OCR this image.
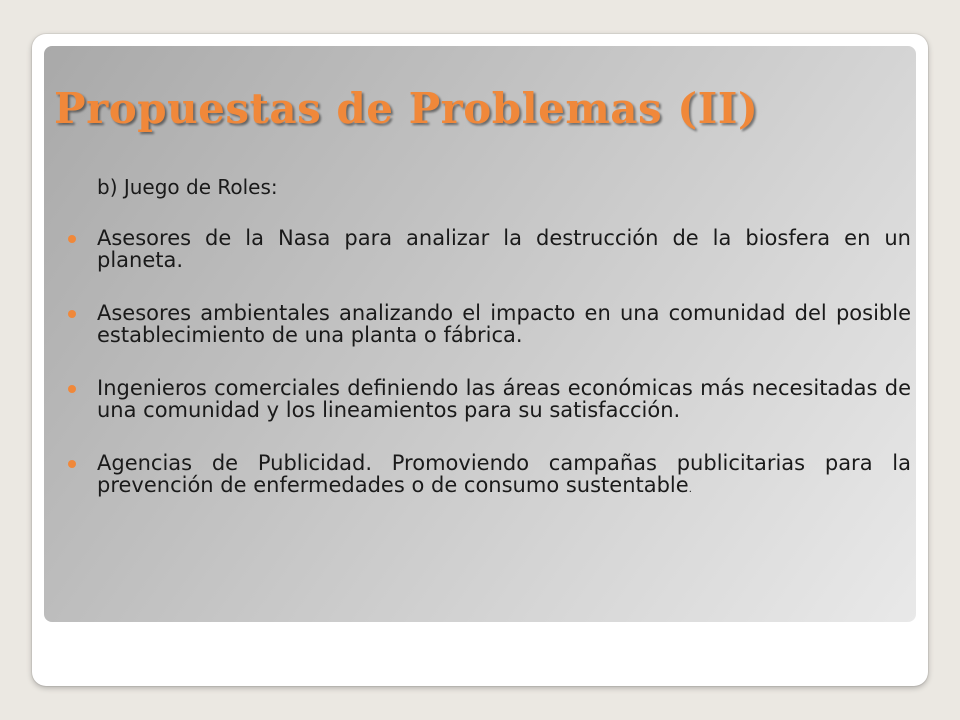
Propuestas de Problemas (II)

b) Juego de Roles:

Asesores de la Nasa para analizar la destrucción de la biosfera en un planeta.
Asesores ambientales analizando el impacto en una comunidad del posible establecimiento de una planta o fábrica.
Ingenieros comerciales definiendo las áreas económicas más necesitadas de una comunidad y los lineamientos para su satisfacción.
Agencias de Publicidad. Promoviendo campañas publicitarias para la prevención de enfermedades o de consumo sustentable.
